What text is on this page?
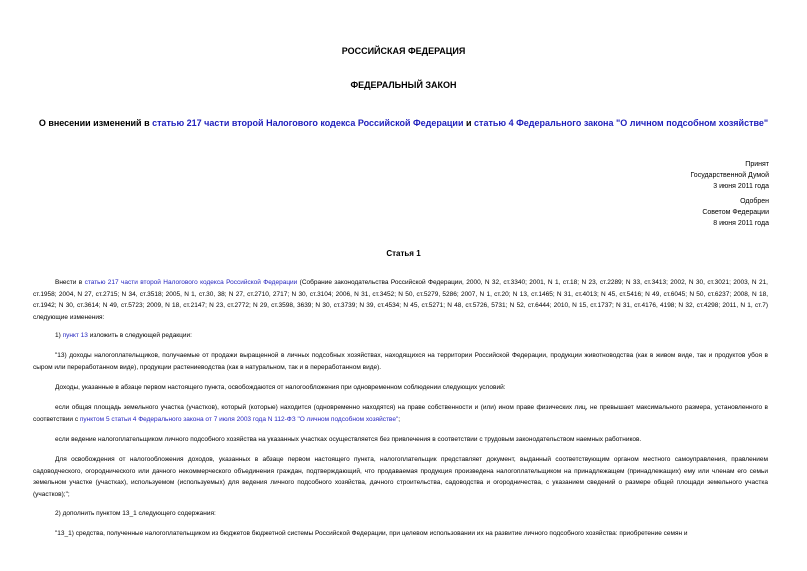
РОССИЙСКАЯ ФЕДЕРАЦИЯ
ФЕДЕРАЛЬНЫЙ ЗАКОН
О внесении изменений в статью 217 части второй Налогового кодекса Российской Федерации и статью 4 Федерального закона "О личном подсобном хозяйстве"
Принят
Государственной Думой
3 июня 2011 года
Одобрен
Советом Федерации
8 июня 2011 года
Статья 1
Внести в статью 217 части второй Налогового кодекса Российской Федерации (Собрание законодательства Российской Федерации, 2000, N 32, ст.3340; 2001, N 1, ст.18; N 23, ст.2289; N 33, ст.3413; 2002, N 30, ст.3021; 2003, N 21, ст.1958; 2004, N 27, ст.2715; N 34, ст.3518; 2005, N 1, ст.30, 38; N 27, ст.2710, 2717; N 30, ст.3104; 2006, N 31, ст.3452; N 50, ст.5279, 5286; 2007, N 1, ст.20; N 13, ст.1465; N 31, ст.4013; N 45, ст.5416; N 49, ст.6045; N 50, ст.6237; 2008, N 18, ст.1942; N 30, ст.3614; N 49, ст.5723; 2009, N 18, ст.2147; N 23, ст.2772; N 29, ст.3598, 3639; N 30, ст.3739; N 39, ст.4534; N 45, ст.5271; N 48, ст.5726, 5731; N 52, ст.6444; 2010, N 15, ст.1737; N 31, ст.4176, 4198; N 32, ст.4298; 2011, N 1, ст.7) следующие изменения:
1) пункт 13 изложить в следующей редакции:
"13) доходы налогоплательщиков, получаемые от продажи выращенной в личных подсобных хозяйствах, находящихся на территории Российской Федерации, продукции животноводства (как в живом виде, так и продуктов убоя в сыром или переработанном виде), продукции растениеводства (как в натуральном, так и в переработанном виде).
Доходы, указанные в абзаце первом настоящего пункта, освобождаются от налогообложения при одновременном соблюдении следующих условий:
если общая площадь земельного участка (участков), который (которые) находится (одновременно находятся) на праве собственности и (или) ином праве физических лиц, не превышает максимального размера, установленного в соответствии с пунктом 5 статьи 4 Федерального закона от 7 июля 2003 года N 112-ФЗ "О личном подсобном хозяйстве";
если ведение налогоплательщиком личного подсобного хозяйства на указанных участках осуществляется без привлечения в соответствии с трудовым законодательством наемных работников.
Для освобождения от налогообложения доходов, указанных в абзаце первом настоящего пункта, налогоплательщик представляет документ, выданный соответствующим органом местного самоуправления, правлением садоводческого, огороднического или дачного некоммерческого объединения граждан, подтверждающий, что продаваемая продукция произведена налогоплательщиком на принадлежащем (принадлежащих) ему или членам его семьи земельном участке (участках), используемом (используемых) для ведения личного подсобного хозяйства, дачного строительства, садоводства и огородничества, с указанием сведений о размере общей площади земельного участка (участков);";
2) дополнить пунктом 13_1 следующего содержания:
"13_1) средства, полученные налогоплательщиком из бюджетов бюджетной системы Российской Федерации, при целевом использовании их на развитие личного подсобного хозяйства: приобретение семян и
